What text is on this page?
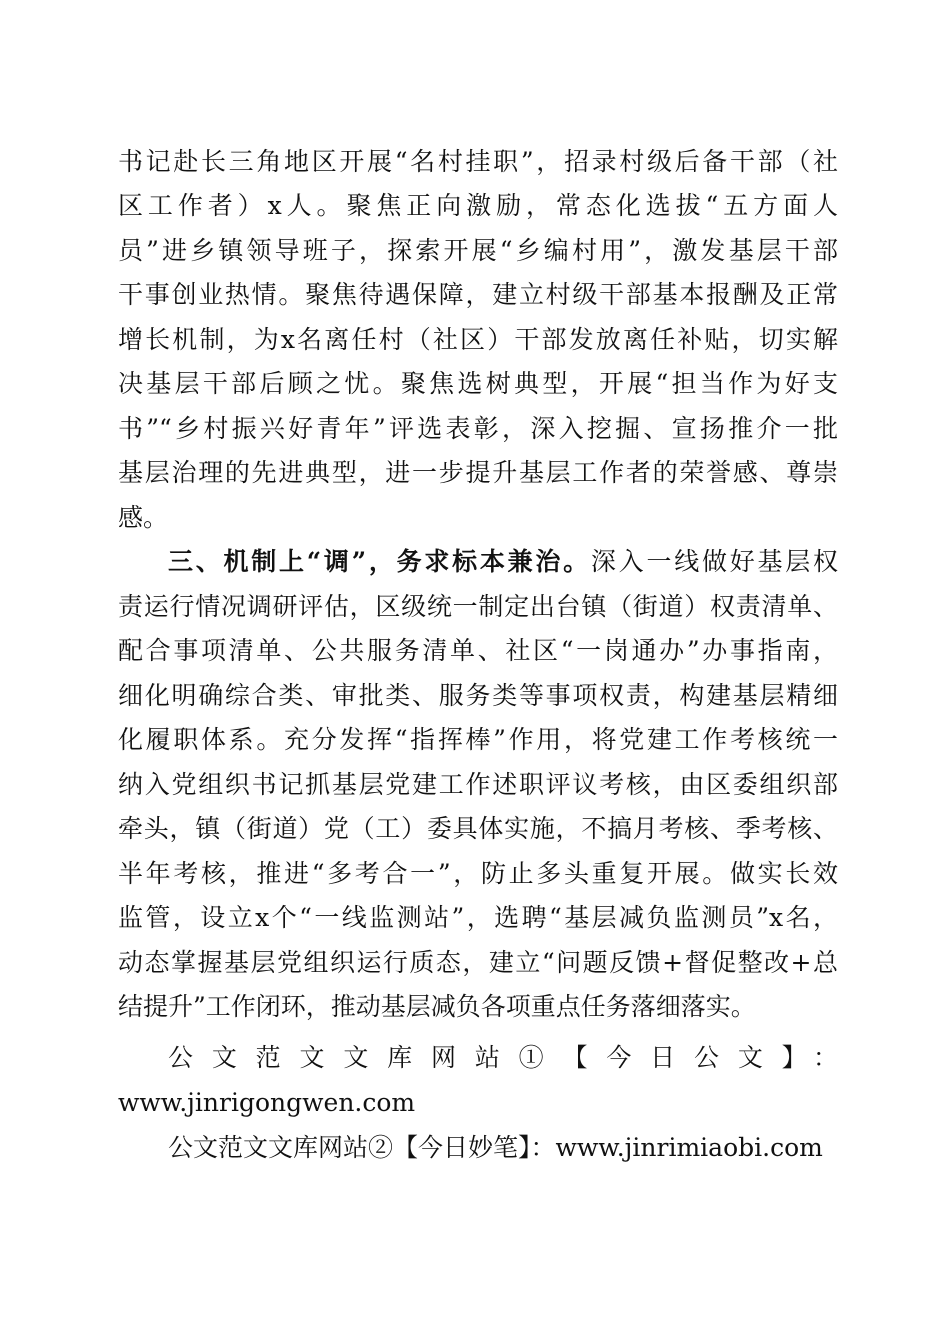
书记赴长三角地区开展“名村挂职”，招录村级后备干部（社
区工作者）x人。聚焦正向激励，常态化选拔“五方面人
员”进乡镇领导班子，探索开展“乡编村用”，激发基层干部
干事创业热情。聚焦待遇保障，建立村级干部基本报酬及正常
增长机制，为x名离任村（社区）干部发放离任补贴，切实解
决基层干部后顾之忧。聚焦选树典型，开展“担当作为好支
书”“乡村振兴好青年”评选表彰，深入挖掘、宣扬推介一批
基层治理的先进典型，进一步提升基层工作者的荣誉感、尊崇
感。
三、机制上“调”，务求标本兼治。深入一线做好基层权
责运行情况调研评估，区级统一制定出台镇（街道）权责清单、
配合事项清单、公共服务清单、社区“一岗通办”办事指南，
细化明确综合类、审批类、服务类等事项权责，构建基层精细
化履职体系。充分发挥“指挥棒”作用，将党建工作考核统一
纳入党组织书记抓基层党建工作述职评议考核，由区委组织部
牵头，镇（街道）党（工）委具体实施，不搞月考核、季考核、
半年考核，推进“多考合一”，防止多头重复开展。做实长效
监管，设立x个“一线监测站”，选聘“基层减负监测员”x名，
动态掌握基层党组织运行质态，建立“问题反馈+督促整改+总
结提升”工作闭环，推动基层减负各项重点任务落细落实。
公文范文文库网站①【今日公文】：
www.jinrigongwen.com
公文范文文库网站②【今日妙笔】：www.jinrimiaobi.com
